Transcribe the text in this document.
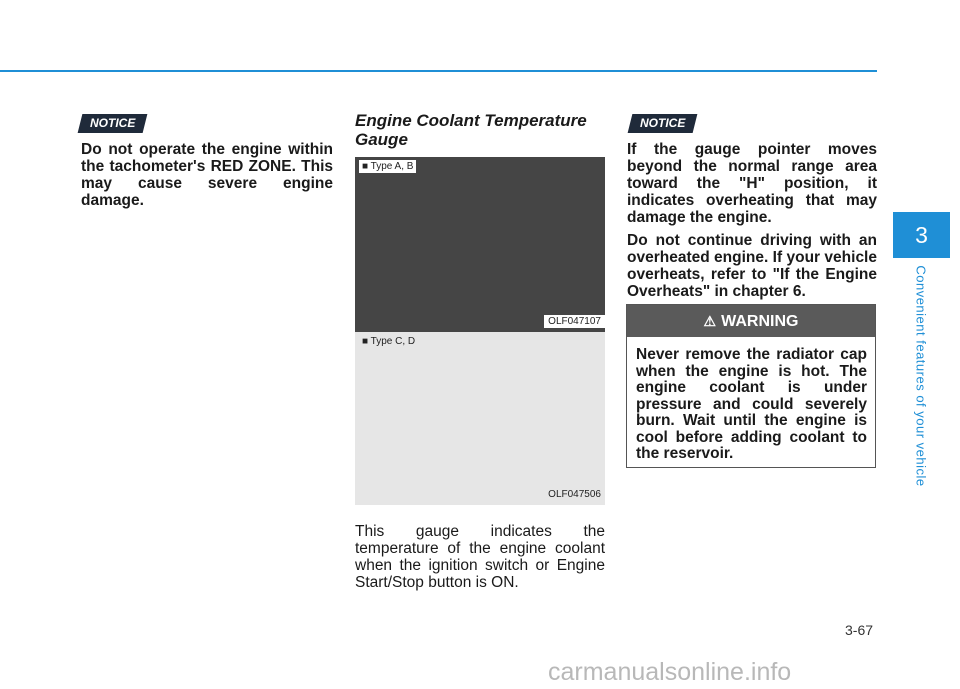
3
Convenient features of your vehicle
NOTICE

Do not operate the engine within the tachometer's RED ZONE. This may cause severe engine damage.

Engine Coolant Temperature Gauge
■ Type A, B
OLF047107
■ Type C, D
OLF047506
This gauge indicates the temperature of the engine coolant when the ignition switch or Engine Start/Stop button is ON.
NOTICE

If the gauge pointer moves beyond the normal range area toward the "H" position, it indicates overheating that may damage the engine.

Do not continue driving with an overheated engine. If your vehicle overheats, refer to "If the Engine Overheats" in chapter 6.

⚠ WARNING
Never remove the radiator cap when the engine is hot. The engine coolant is under pressure and could severely burn. Wait until the engine is cool before adding coolant to the reservoir.
3-67
carmanualsonline.info
